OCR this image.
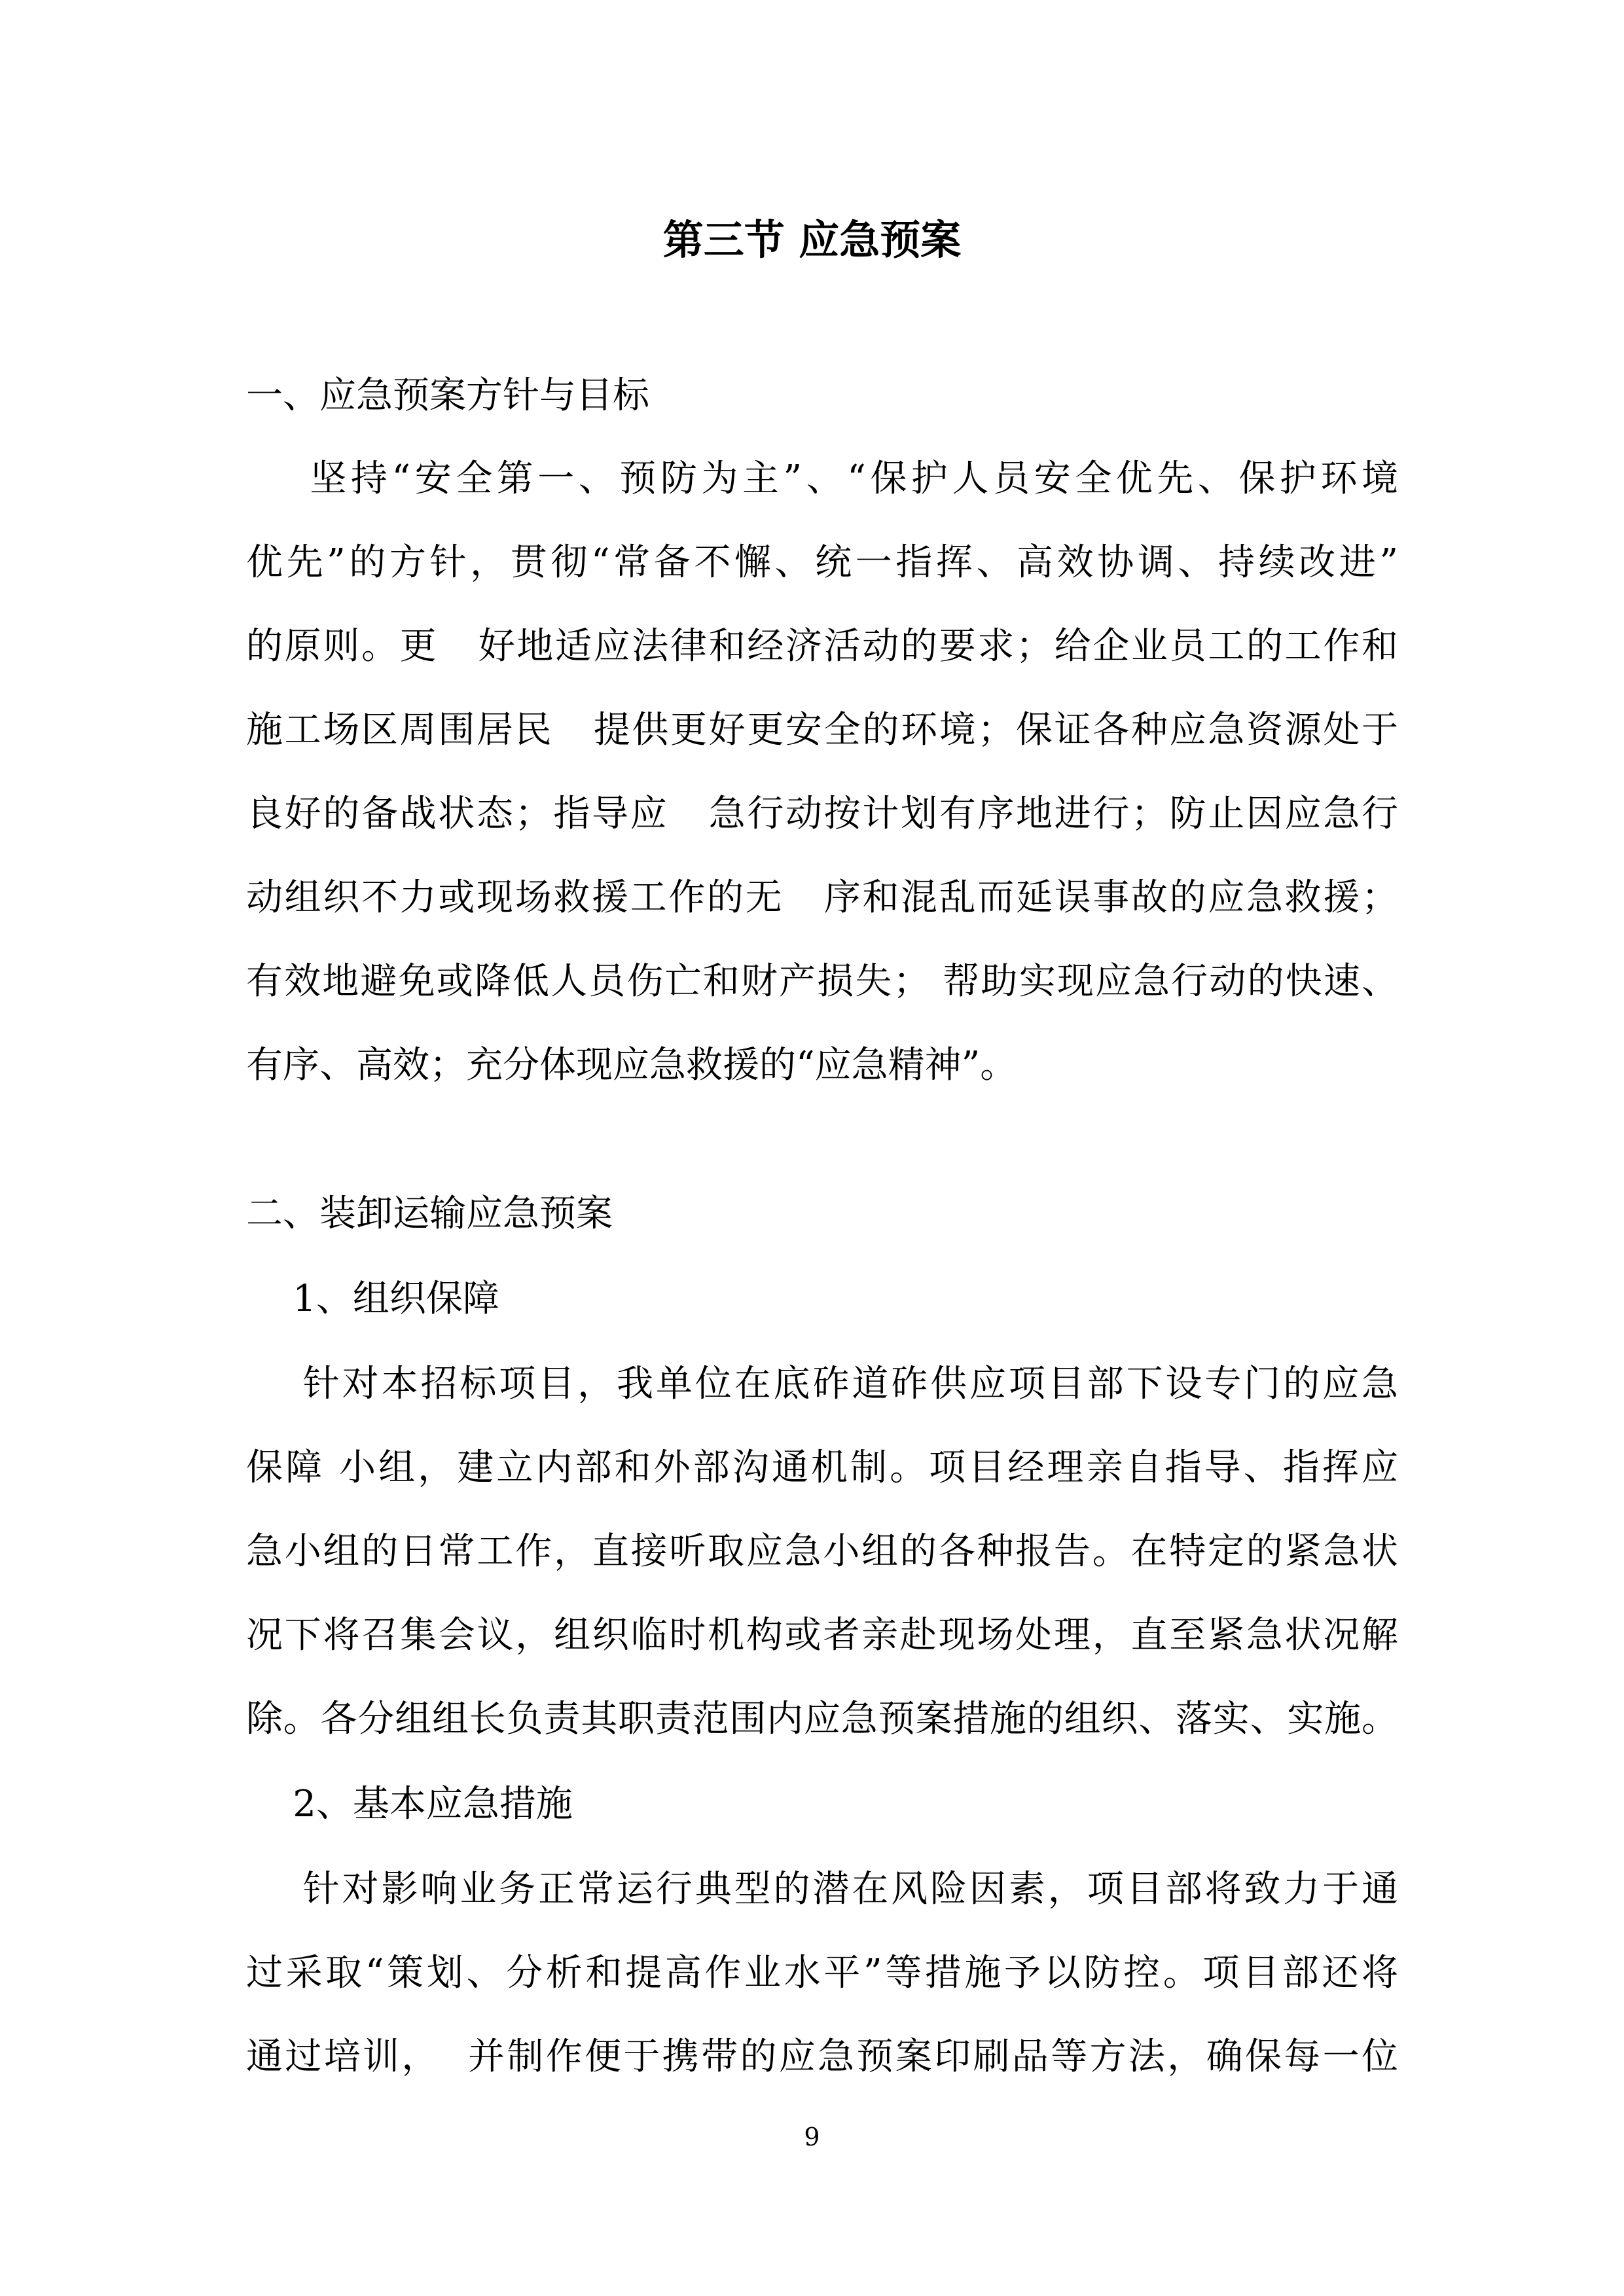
第三节 应急预案
一、应急预案方针与目标
坚持“安全第一、预防为主”、“保护人员安全优先、保护环境
优先”的方针，贯彻“常备不懈、统一指挥、高效协调、持续改进”
的原则。更   好地适应法律和经济活动的要求；给企业员工的工作和
施工场区周围居民   提供更好更安全的环境；保证各种应急资源处于
良好的备战状态；指导应   急行动按计划有序地进行；防止因应急行
动组织不力或现场救援工作的无   序和混乱而延误事故的应急救援；
有效地避免或降低人员伤亡和财产损失； 帮助实现应急行动的快速、
有序、高效；充分体现应急救援的“应急精神”。
二、装卸运输应急预案
1、组织保障
针对本招标项目，我单位在底砟道砟供应项目部下设专门的应急
保障 小组，建立内部和外部沟通机制。项目经理亲自指导、指挥应
急小组的日常工作，直接听取应急小组的各种报告。在特定的紧急状
况下将召集会议，组织临时机构或者亲赴现场处理，直至紧急状况解
除。各分组组长负责其职责范围内应急预案措施的组织、落实、实施。
2、基本应急措施
针对影响业务正常运行典型的潜在风险因素，项目部将致力于通
过采取“策划、分析和提高作业水平”等措施予以防控。项目部还将
通过培训，  并制作便于携带的应急预案印刷品等方法，确保每一位
9
